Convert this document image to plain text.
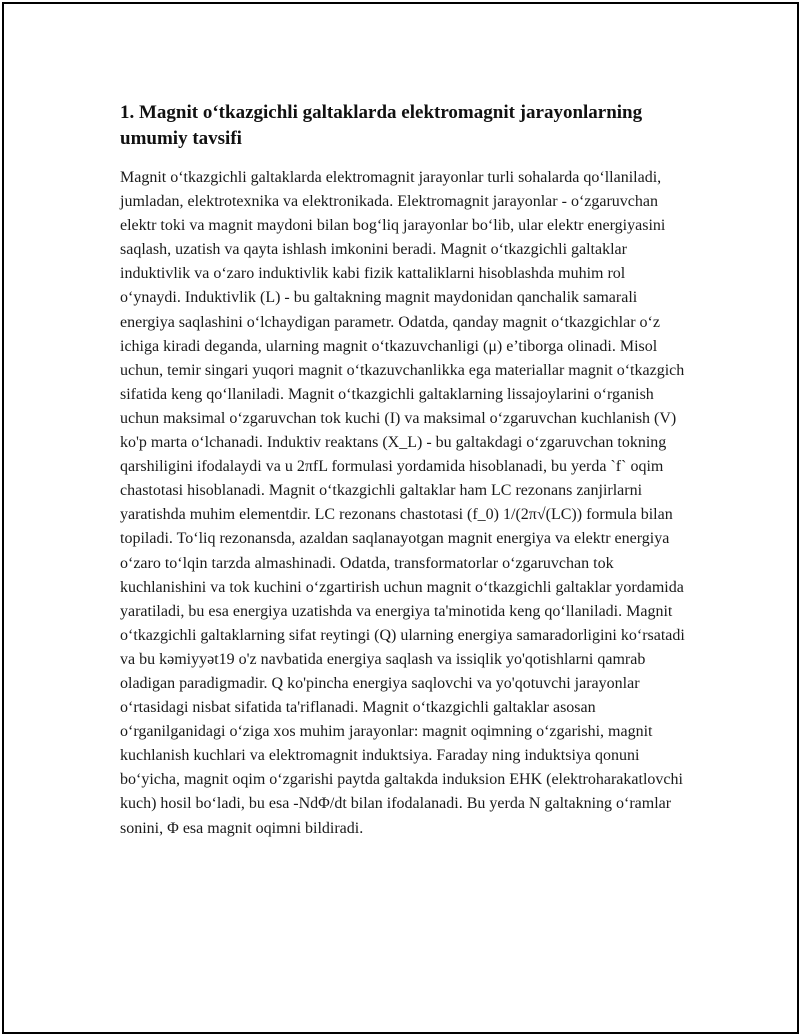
1. Magnit o‘tkazgichli galtaklarda elektromagnit jarayonlarning umumiy tavsifi

Magnit o‘tkazgichli galtaklarda elektromagnit jarayonlar turli sohalarda qo‘llaniladi, jumladan, elektrotexnika va elektronikada. Elektromagnit jarayonlar - o‘zgaruvchan elektr toki va magnit maydoni bilan bog‘liq jarayonlar bo‘lib, ular elektr energiyasini saqlash, uzatish va qayta ishlash imkonini beradi. Magnit o‘tkazgichli galtaklar induktivlik va o‘zaro induktivlik kabi fizik kattaliklarni hisoblashda muhim rol o‘ynaydi. Induktivlik (L) - bu galtakning magnit maydonidan qanchalik samarali energiya saqlashini o‘lchaydigan parametr. Odatda, qanday magnit o‘tkazgichlar o‘z ichiga kiradi deganda, ularning magnit o‘tkazuvchanligi (μ) e’tiborga olinadi. Misol uchun, temir singari yuqori magnit o‘tkazuvchanlikka ega materiallar magnit o‘tkazgich sifatida keng qo‘llaniladi. Magnit o‘tkazgichli galtaklarning lissajoylarini o‘rganish uchun maksimal o‘zgaruvchan tok kuchi (I) va maksimal o‘zgaruvchan kuchlanish (V) ko'p marta o‘lchanadi. Induktiv reaktans (X_L) - bu galtakdagi o‘zgaruvchan tokning qarshiligini ifodalaydi va u 2πfL formulasi yordamida hisoblanadi, bu yerda `f` oqim chastotasi hisoblanadi. Magnit o‘tkazgichli galtaklar ham LC rezonans zanjirlarni yaratishda muhim elementdir. LC rezonans chastotasi (f_0) 1/(2π√(LC)) formula bilan topiladi. To‘liq rezonansda, azaldan saqlanayotgan magnit energiya va elektr energiya o‘zaro to‘lqin tarzda almashinadi. Odatda, transformatorlar o‘zgaruvchan tok kuchlanishini va tok kuchini o‘zgartirish uchun magnit o‘tkazgichli galtaklar yordamida yaratiladi, bu esa energiya uzatishda va energiya ta'minotida keng qo‘llaniladi. Magnit o‘tkazgichli galtaklarning sifat reytingi (Q) ularning energiya samaradorligini ko‘rsatadi va bu kəmiyyət19 o'z navbatida energiya saqlash va issiqlik yo'qotishlarni qamrab oladigan paradigmadir. Q ko'pincha energiya saqlovchi va yo'qotuvchi jarayonlar o‘rtasidagi nisbat sifatida ta'riflanadi. Magnit o‘tkazgichli galtaklar asosan o‘rganilganidagi o‘ziga xos muhim jarayonlar: magnit oqimning o‘zgarishi, magnit kuchlanish kuchlari va elektromagnit induktsiya. Faraday ning induktsiya qonuni bo‘yicha, magnit oqim o‘zgarishi paytda galtakda induksion EHK (elektroharakatlovchi kuch) hosil bo‘ladi, bu esa -NdΦ/dt bilan ifodalanadi. Bu yerda N galtakning o‘ramlar sonini, Φ esa magnit oqimni bildiradi.
